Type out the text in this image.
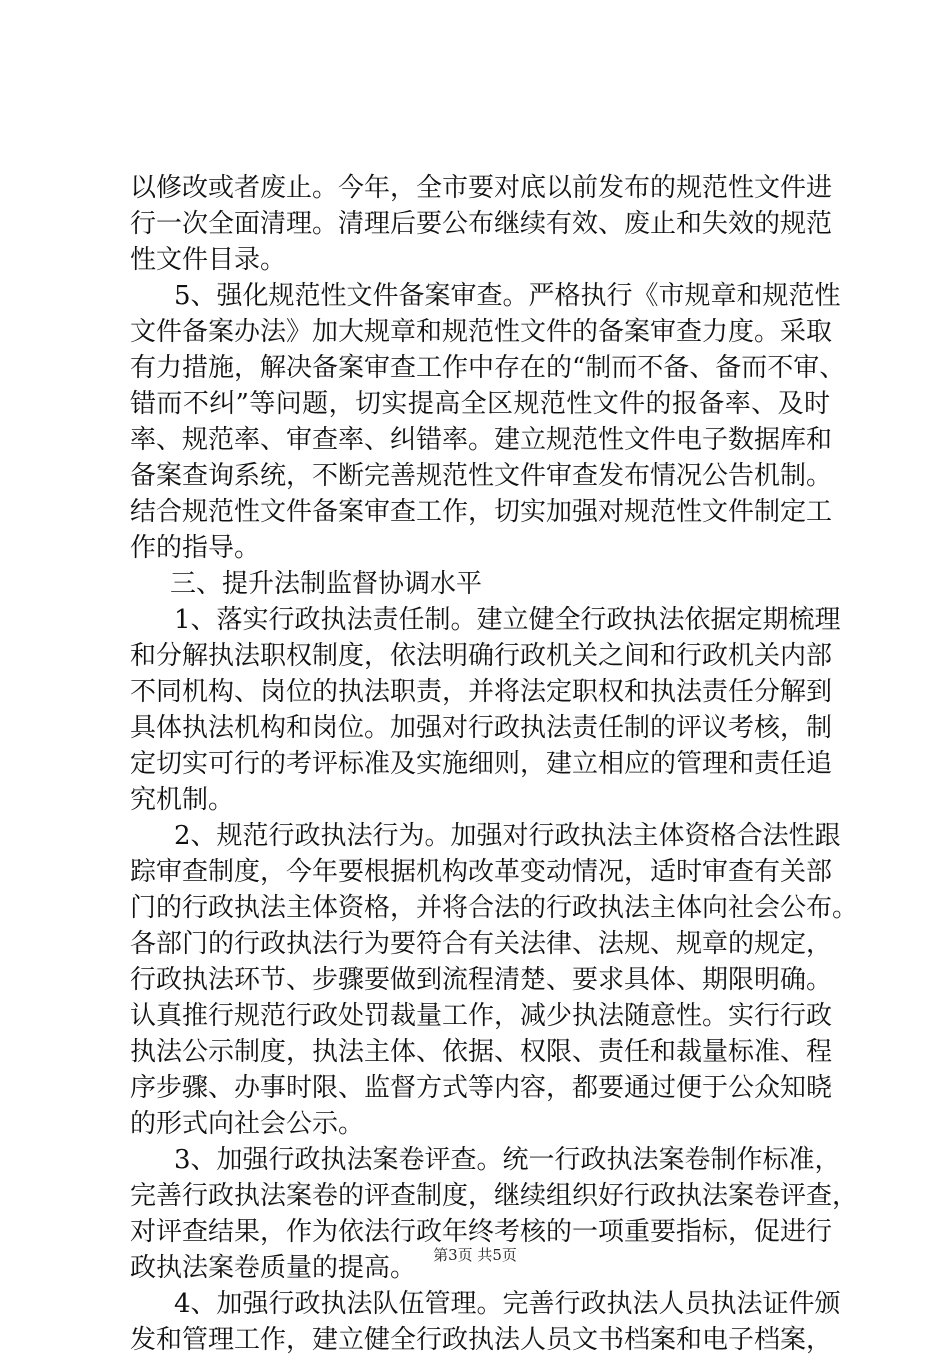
以修改或者废止。今年，全市要对底以前发布的规范性文件进
行一次全面清理。清理后要公布继续有效、废止和失效的规范
性文件目录。
5、强化规范性文件备案审查。严格执行《市规章和规范性
文件备案办法》加大规章和规范性文件的备案审查力度。采取
有力措施，解决备案审查工作中存在的“制而不备、备而不审、
错而不纠”等问题，切实提高全区规范性文件的报备率、及时
率、规范率、审查率、纠错率。建立规范性文件电子数据库和
备案查询系统，不断完善规范性文件审查发布情况公告机制。
结合规范性文件备案审查工作，切实加强对规范性文件制定工
作的指导。
三、提升法制监督协调水平
1、落实行政执法责任制。建立健全行政执法依据定期梳理
和分解执法职权制度，依法明确行政机关之间和行政机关内部
不同机构、岗位的执法职责，并将法定职权和执法责任分解到
具体执法机构和岗位。加强对行政执法责任制的评议考核，制
定切实可行的考评标准及实施细则，建立相应的管理和责任追
究机制。
2、规范行政执法行为。加强对行政执法主体资格合法性跟
踪审查制度，今年要根据机构改革变动情况，适时审查有关部
门的行政执法主体资格，并将合法的行政执法主体向社会公布。
各部门的行政执法行为要符合有关法律、法规、规章的规定，
行政执法环节、步骤要做到流程清楚、要求具体、期限明确。
认真推行规范行政处罚裁量工作，减少执法随意性。实行行政
执法公示制度，执法主体、依据、权限、责任和裁量标准、程
序步骤、办事时限、监督方式等内容，都要通过便于公众知晓
的形式向社会公示。
3、加强行政执法案卷评查。统一行政执法案卷制作标准，
完善行政执法案卷的评查制度，继续组织好行政执法案卷评查，
对评查结果，作为依法行政年终考核的一项重要指标，促进行
政执法案卷质量的提高。
4、加强行政执法队伍管理。完善行政执法人员执法证件颁
发和管理工作，建立健全行政执法人员文书档案和电子档案，
第3页 共5页
